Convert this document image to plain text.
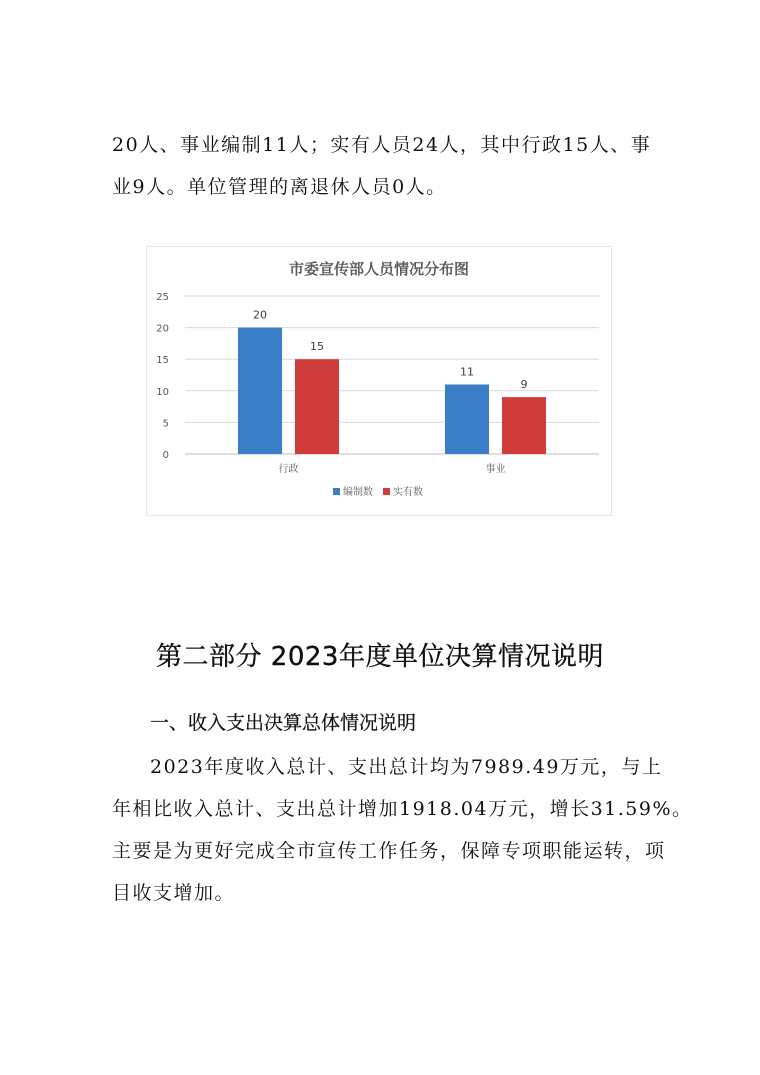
20人、事业编制11人；实有人员24人，其中行政15人、事
业9人。单位管理的离退休人员0人。
市委宣传部人员情况分布图
0
5
10
15
20
25
20
15
行政
11
9
事业
编制数 实有数
第二部分 2023年度单位决算情况说明
一、收入支出决算总体情况说明
2023年度收入总计、支出总计均为7989.49万元，与上
年相比收入总计、支出总计增加1918.04万元，增长31.59%。
主要是为更好完成全市宣传工作任务，保障专项职能运转，项
目收支增加。
